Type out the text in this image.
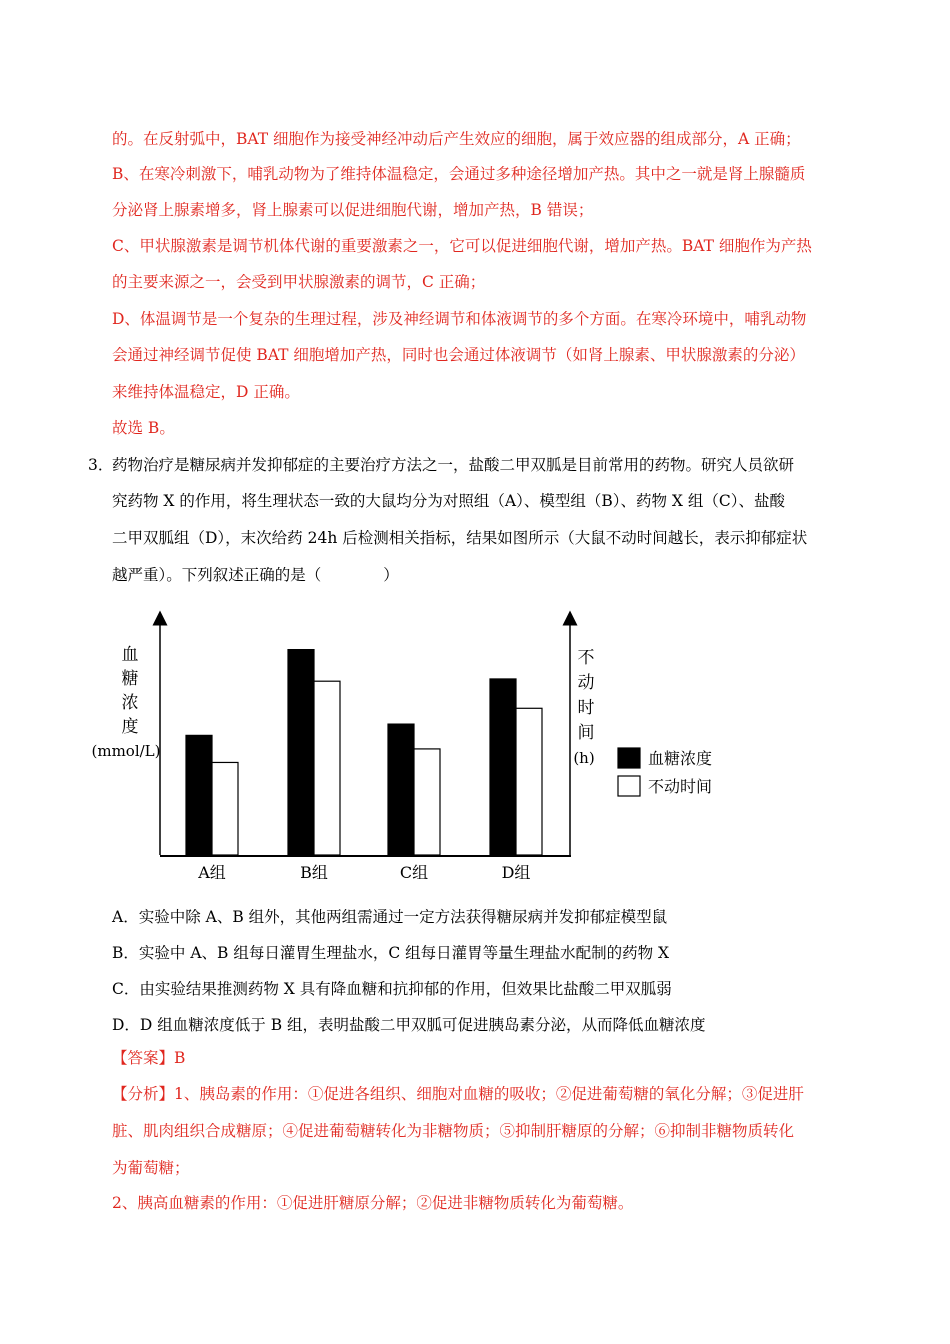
的。在反射弧中，BAT 细胞作为接受神经冲动后产生效应的细胞，属于效应器的组成部分，A 正确；
B、在寒冷刺激下，哺乳动物为了维持体温稳定，会通过多种途径增加产热。其中之一就是肾上腺髓质
分泌肾上腺素增多，肾上腺素可以促进细胞代谢，增加产热，B 错误；
C、甲状腺激素是调节机体代谢的重要激素之一，它可以促进细胞代谢，增加产热。BAT 细胞作为产热
的主要来源之一，会受到甲状腺激素的调节，C 正确；
D、体温调节是一个复杂的生理过程，涉及神经调节和体液调节的多个方面。在寒冷环境中，哺乳动物
会通过神经调节促使 BAT 细胞增加产热，同时也会通过体液调节（如肾上腺素、甲状腺激素的分泌）
来维持体温稳定，D 正确。
故选 B。
3．
药物治疗是糖尿病并发抑郁症的主要治疗方法之一，盐酸二甲双胍是目前常用的药物。研究人员欲研
究药物 X 的作用，将生理状态一致的大鼠均分为对照组（A）、模型组（B）、药物 X 组（C）、盐酸
二甲双胍组（D），末次给药 24h 后检测相关指标，结果如图所示（大鼠不动时间越长，表示抑郁症状
越严重）。下列叙述正确的是（　　　　）
A组	B组	C组	D组
血
糖
浓
度
(mmol/L)
不
动
时
间
(h)	血糖浓度
不动时间
A．实验中除 A、B 组外，其他两组需通过一定方法获得糖尿病并发抑郁症模型鼠
B．实验中 A、B 组每日灌胃生理盐水，C 组每日灌胃等量生理盐水配制的药物 X
C．由实验结果推测药物 X 具有降血糖和抗抑郁的作用，但效果比盐酸二甲双胍弱
D．D 组血糖浓度低于 B 组，表明盐酸二甲双胍可促进胰岛素分泌，从而降低血糖浓度
【答案】B
【分析】1、胰岛素的作用：①促进各组织、细胞对血糖的吸收；②促进葡萄糖的氧化分解；③促进肝
脏、肌肉组织合成糖原；④促进葡萄糖转化为非糖物质；⑤抑制肝糖原的分解；⑥抑制非糖物质转化
为葡萄糖；
2、胰高血糖素的作用：①促进肝糖原分解；②促进非糖物质转化为葡萄糖。
